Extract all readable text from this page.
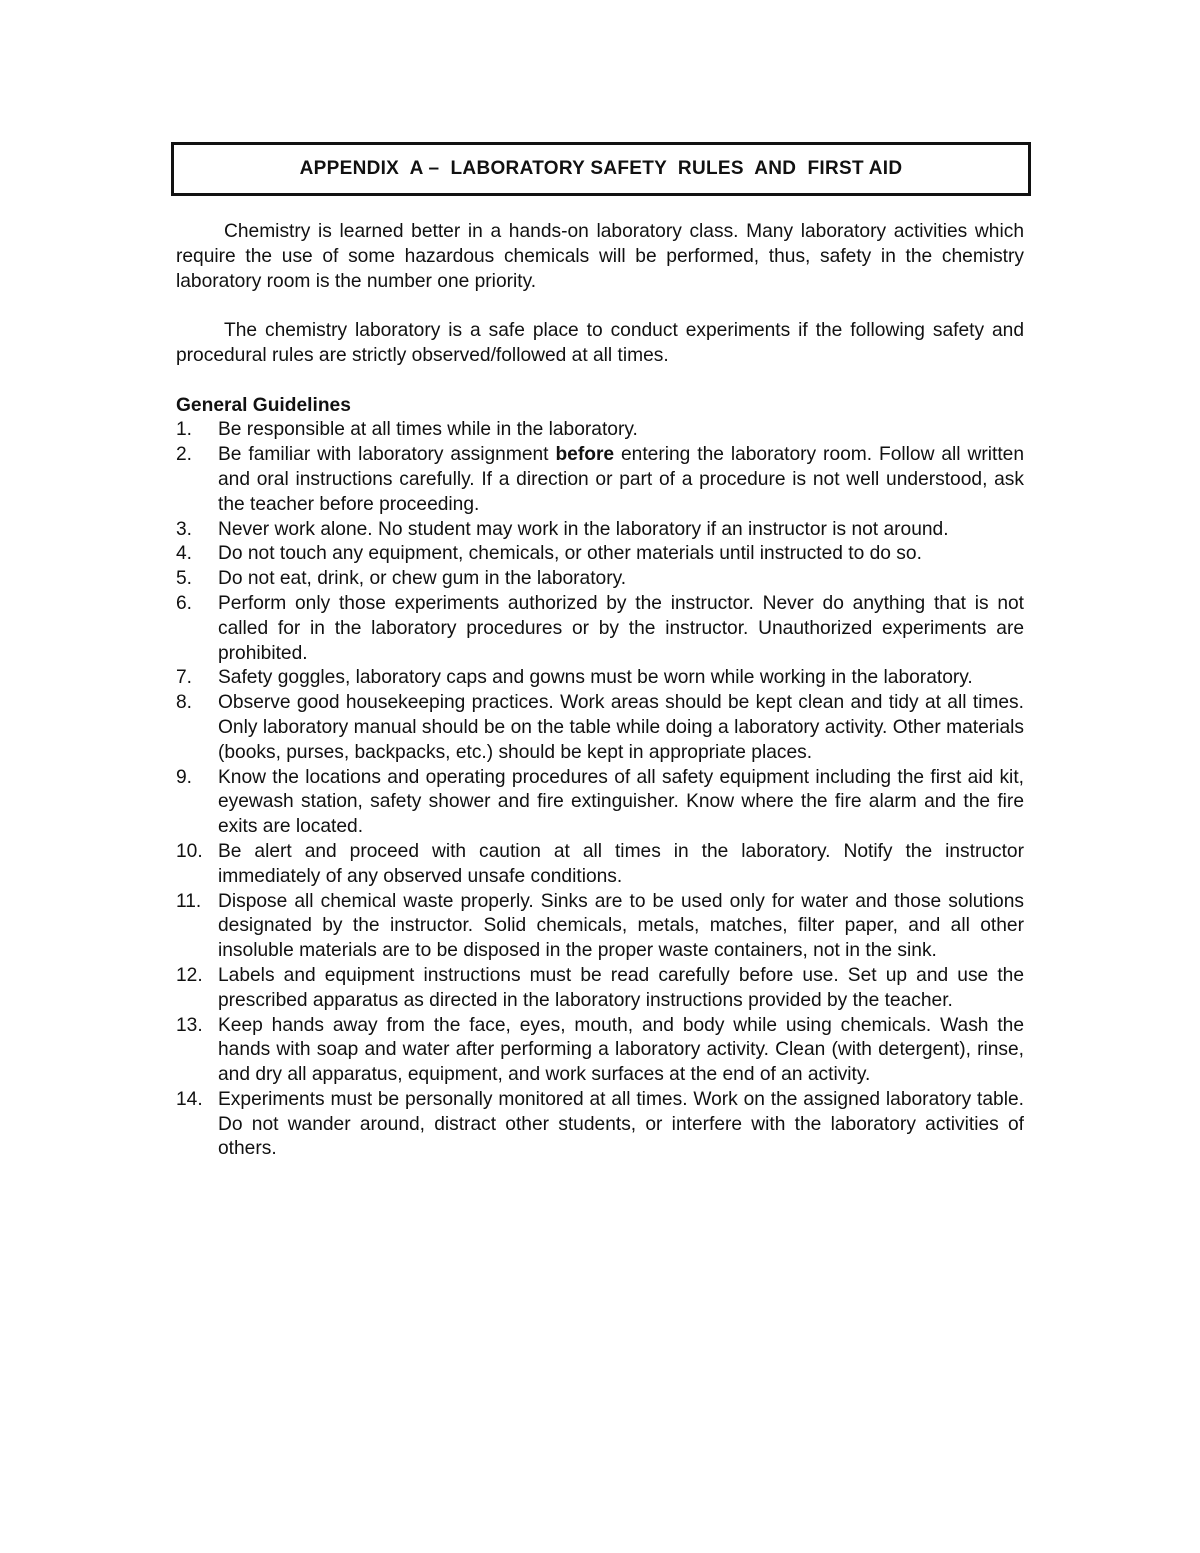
APPENDIX  A –  LABORATORY SAFETY  RULES  AND  FIRST AID

Chemistry is learned better in a hands-on laboratory class. Many laboratory activities which require the use of some hazardous chemicals will be performed, thus, safety in the chemistry laboratory room is the number one priority.

The chemistry laboratory is a safe place to conduct experiments if the following safety and procedural rules are strictly observed/followed at all times.

General Guidelines
1.	Be responsible at all times while in the laboratory.
2.	Be familiar with laboratory assignment before entering the laboratory room. Follow all written and oral instructions carefully. If a direction or part of a procedure is not well understood, ask the teacher before proceeding.
3.	Never work alone. No student may work in the laboratory if an instructor is not around.
4.	Do not touch any equipment, chemicals, or other materials until instructed to do so.
5.	Do not eat, drink, or chew gum in the laboratory.
6.	Perform only those experiments authorized by the instructor. Never do anything that is not called for in the laboratory procedures or by the instructor. Unauthorized experiments are prohibited.
7.	Safety goggles, laboratory caps and gowns must be worn while working in the laboratory.
8.	Observe good housekeeping practices. Work areas should be kept clean and tidy at all times. Only laboratory manual should be on the table while doing a laboratory activity. Other materials (books, purses, backpacks, etc.) should be kept in appropriate places.
9.	Know the locations and operating procedures of all safety equipment including the first aid kit, eyewash station, safety shower and fire extinguisher. Know where the fire alarm and the fire exits are located.
10. Be alert and proceed with caution at all times in the laboratory. Notify the instructor immediately of any observed unsafe conditions.
11. Dispose all chemical waste properly. Sinks are to be used only for water and those solutions designated by the instructor. Solid chemicals, metals, matches, filter paper, and all other insoluble materials are to be disposed in the proper waste containers, not in the sink.
12. Labels and equipment instructions must be read carefully before use. Set up and use the prescribed apparatus as directed in the laboratory instructions provided by the teacher.
13. Keep hands away from the face, eyes, mouth, and body while using chemicals. Wash the hands with soap and water after performing a laboratory activity. Clean (with detergent), rinse, and dry all apparatus, equipment, and work surfaces at the end of an activity.
14. Experiments must be personally monitored at all times. Work on the assigned laboratory table. Do not wander around, distract other students, or interfere with the laboratory activities of others.
